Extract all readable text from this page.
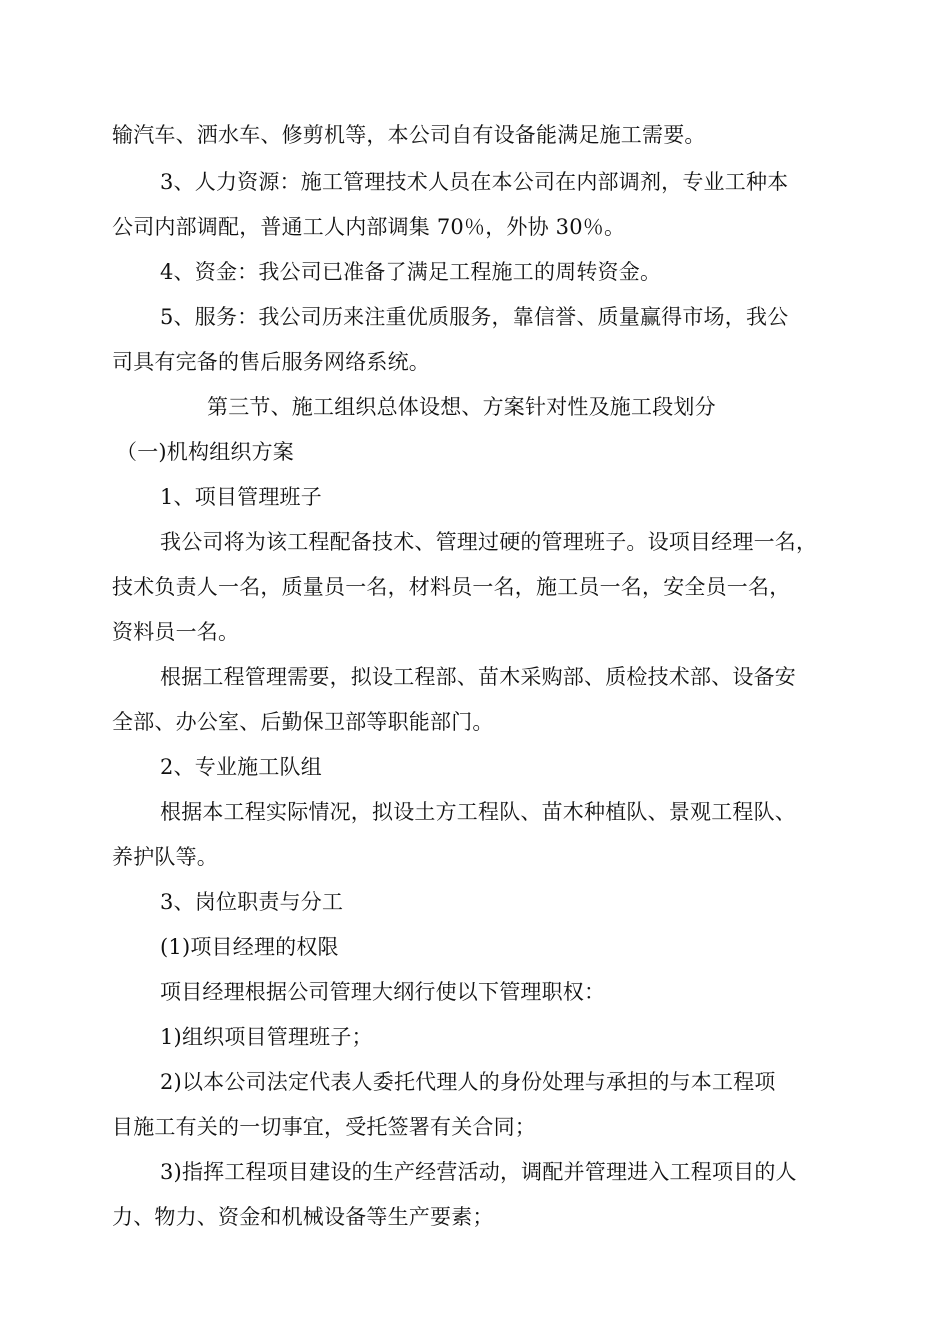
输汽车、洒水车、修剪机等，本公司自有设备能满足施工需要。
3、人力资源：施工管理技术人员在本公司在内部调剂，专业工种本
公司内部调配，普通工人内部调集 70％，外协 30％。
4、资金：我公司已准备了满足工程施工的周转资金。
5、服务：我公司历来注重优质服务，靠信誉、质量赢得市场，我公
司具有完备的售后服务网络系统。
第三节、施工组织总体设想、方案针对性及施工段划分
（一)机构组织方案
1、项目管理班子
我公司将为该工程配备技术、管理过硬的管理班子。设项目经理一名，
技术负责人一名，质量员一名，材料员一名，施工员一名，安全员一名，
资料员一名。
根据工程管理需要，拟设工程部、苗木采购部、质检技术部、设备安
全部、办公室、后勤保卫部等职能部门。
2、专业施工队组
根据本工程实际情况，拟设土方工程队、苗木种植队、景观工程队、
养护队等。
3、岗位职责与分工
(1)项目经理的权限
项目经理根据公司管理大纲行使以下管理职权：
1)组织项目管理班子；
2)以本公司法定代表人委托代理人的身份处理与承担的与本工程项
目施工有关的一切事宜，受托签署有关合同；
3)指挥工程项目建设的生产经营活动，调配并管理进入工程项目的人
力、物力、资金和机械设备等生产要素；
